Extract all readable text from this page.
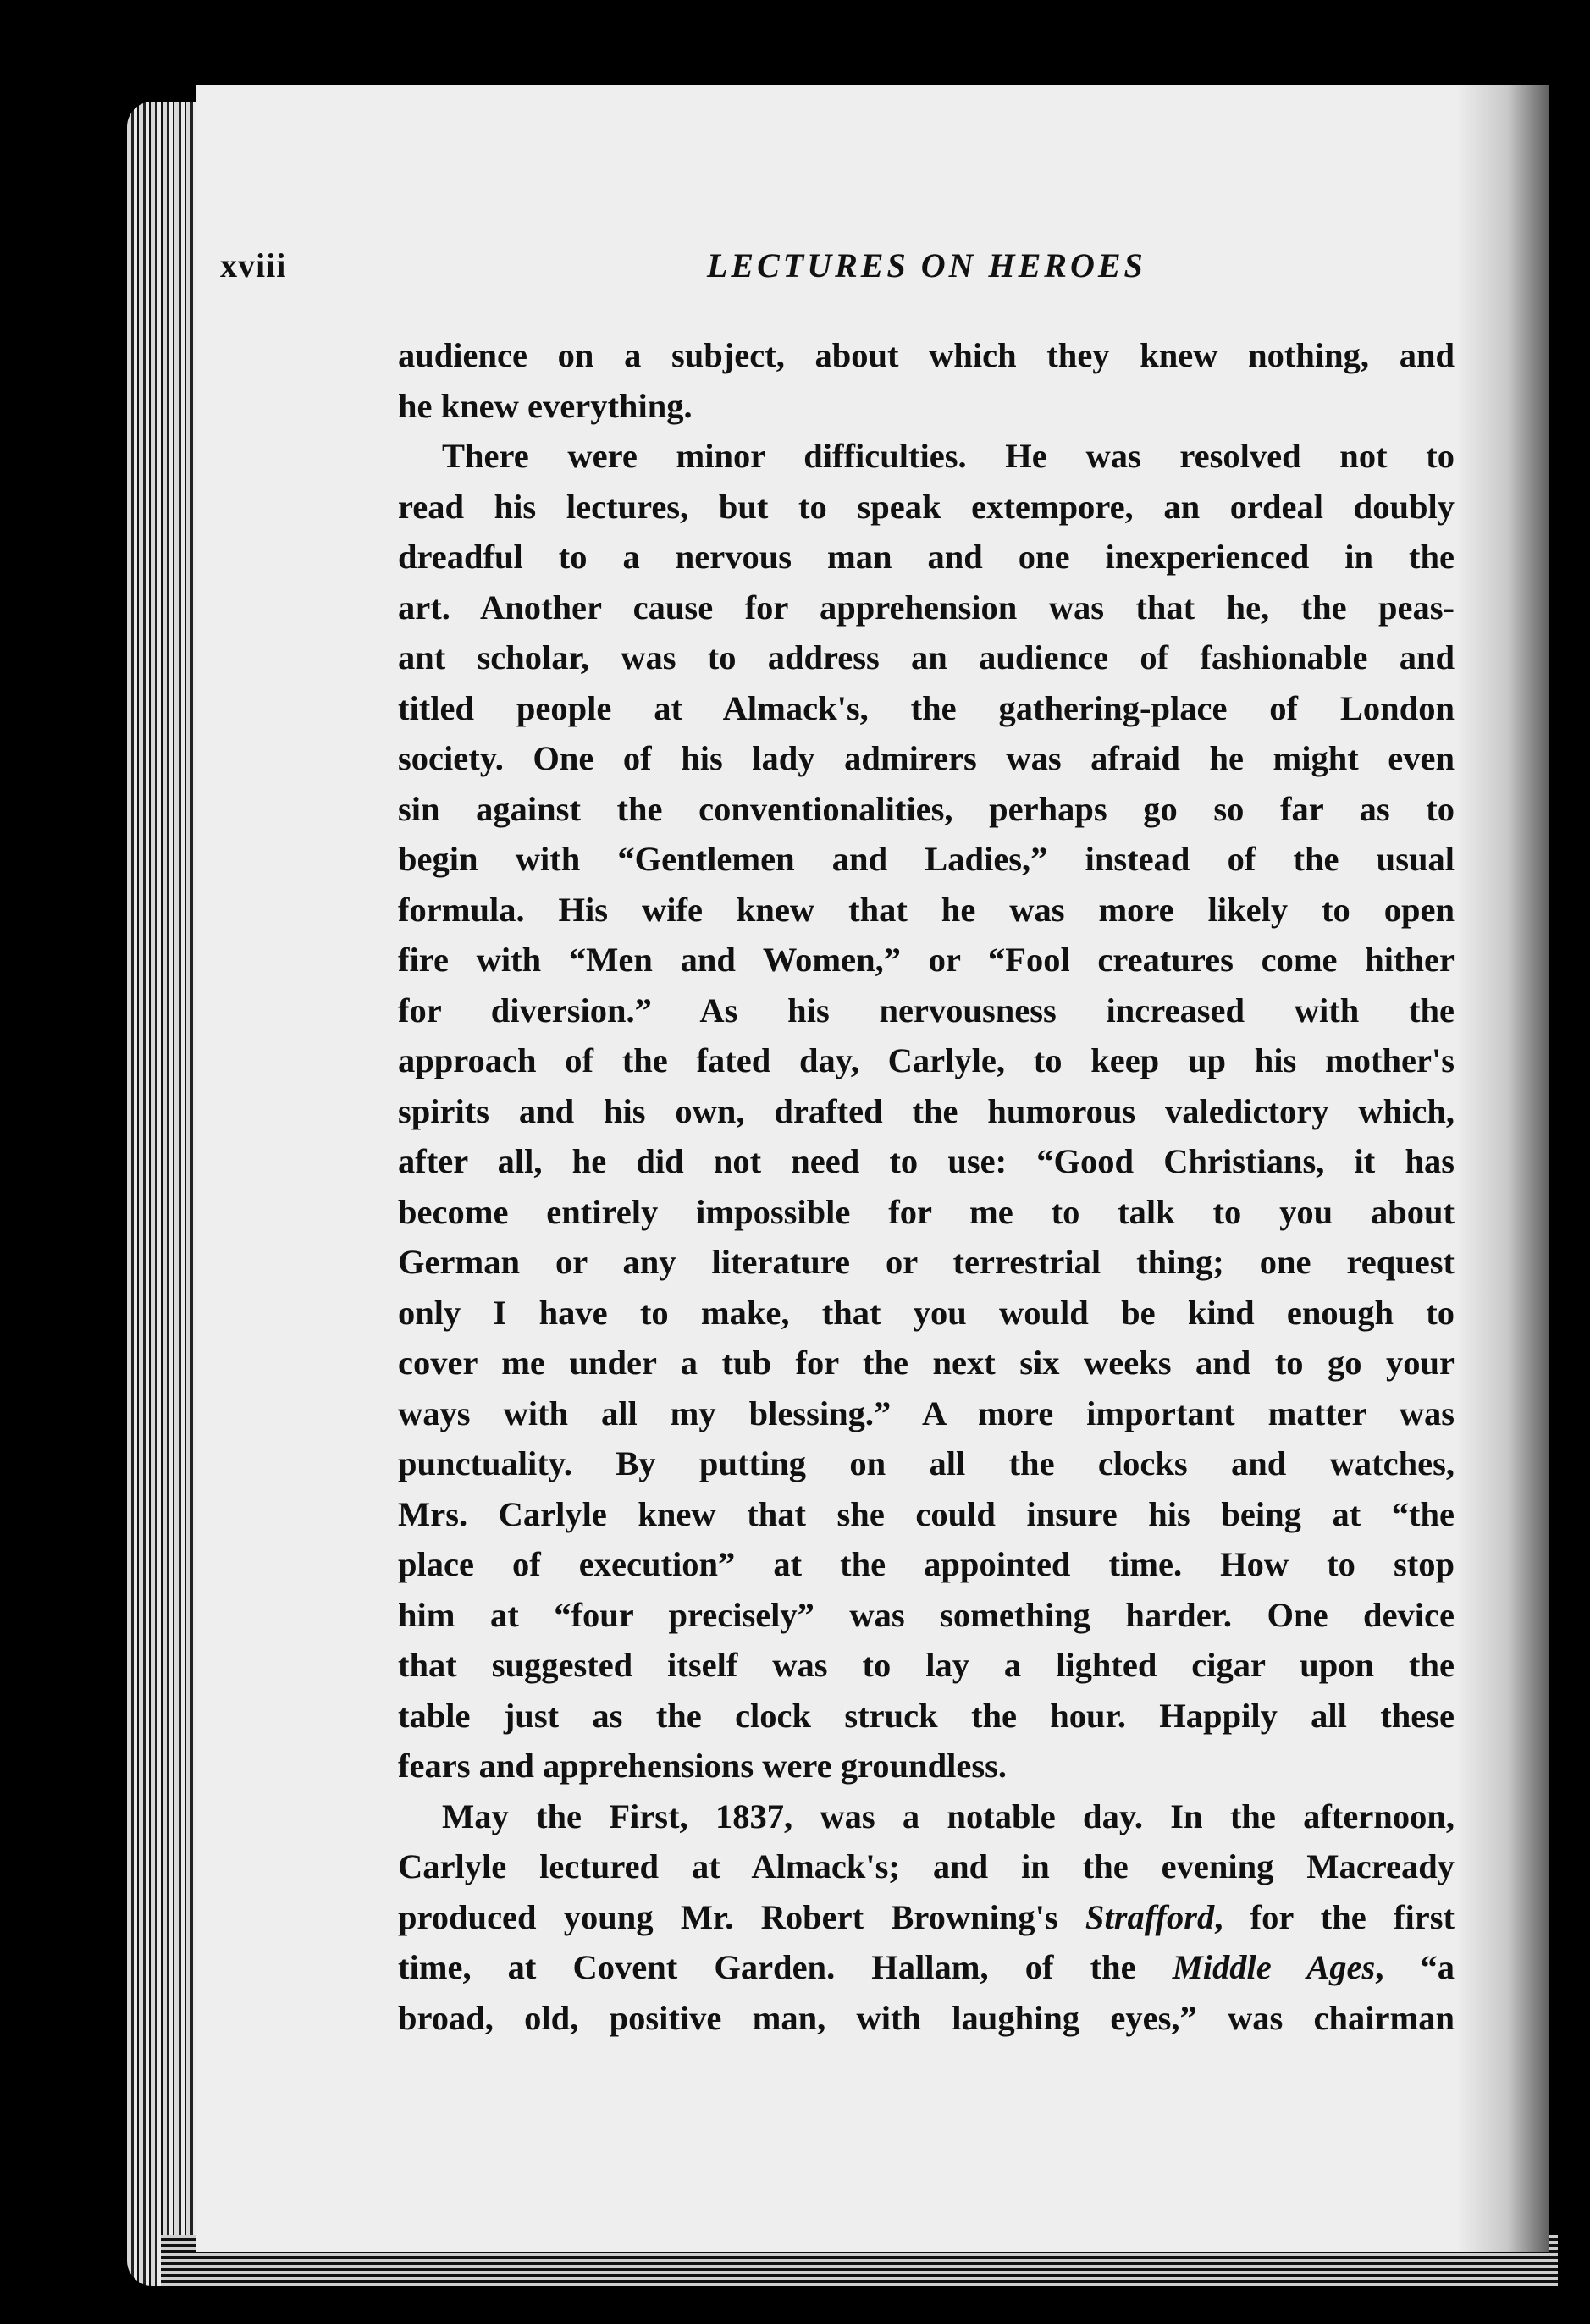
xviii	LECTURES ON HEROES

audience on a subject, about which they knew nothing, and
he knew everything.

There were minor difficulties. He was resolved not to
read his lectures, but to speak extempore, an ordeal doubly
dreadful to a nervous man and one inexperienced in the
art. Another cause for apprehension was that he, the peas-
ant scholar, was to address an audience of fashionable and
titled people at Almack's, the gathering-place of London
society. One of his lady admirers was afraid he might even
sin against the conventionalities, perhaps go so far as to
begin with “Gentlemen and Ladies,” instead of the usual
formula. His wife knew that he was more likely to open
fire with “Men and Women,” or “Fool creatures come hither
for diversion.” As his nervousness increased with the
approach of the fated day, Carlyle, to keep up his mother's
spirits and his own, drafted the humorous valedictory which,
after all, he did not need to use: “Good Christians, it has
become entirely impossible for me to talk to you about
German or any literature or terrestrial thing; one request
only I have to make, that you would be kind enough to
cover me under a tub for the next six weeks and to go your
ways with all my blessing.” A more important matter was
punctuality. By putting on all the clocks and watches,
Mrs. Carlyle knew that she could insure his being at “the
place of execution” at the appointed time. How to stop
him at “four precisely” was something harder. One device
that suggested itself was to lay a lighted cigar upon the
table just as the clock struck the hour. Happily all these
fears and apprehensions were groundless.

May the First, 1837, was a notable day. In the afternoon,
Carlyle lectured at Almack's; and in the evening Macready
produced young Mr. Robert Browning's Strafford, for the first
time, at Covent Garden. Hallam, of the Middle Ages, “a
broad, old, positive man, with laughing eyes,” was chairman
